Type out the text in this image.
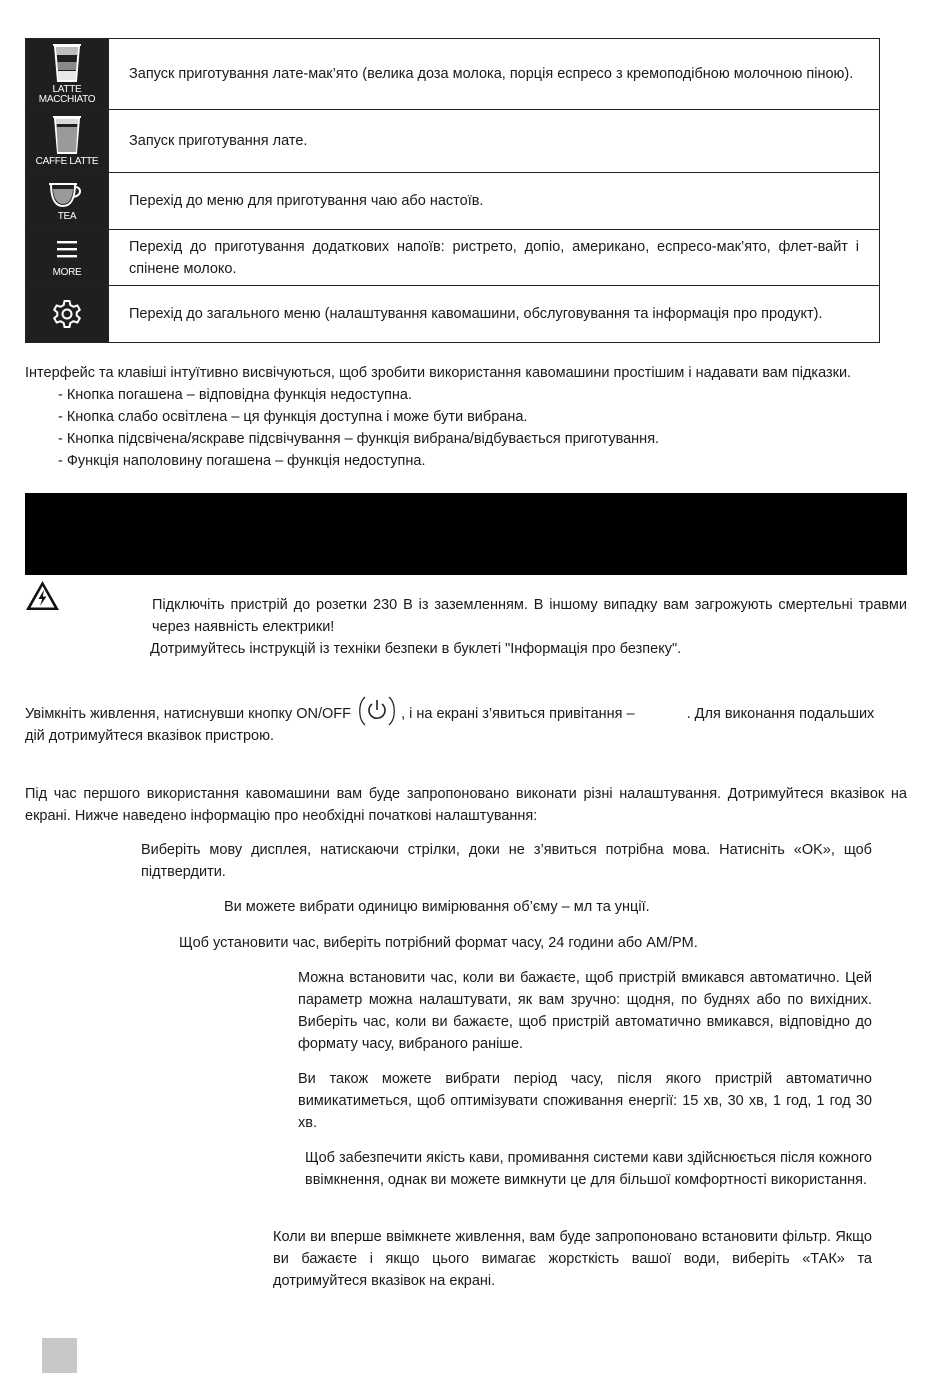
LATTE
MACCHIATO	Запуск приготування лате-мак’ято (велика доза молока, порція еспресо з кремоподібною молочною піною).

CAFFE LATTE	Запуск приготування лате.

TEA	Перехід до меню для приготування чаю або настоїв.

MORE	Перехід до приготування додаткових напоїв: ристрето, допіо, американо, еспресо-мак’ято, флет-вайт і спінене молоко.

	Перехід до загального меню (налаштування кавомашини, обслуговування та інформація про продукт).
Інтерфейс та клавіші інтуїтивно висвічуються, щоб зробити використання кавомашини простішим і надавати вам підказки.
- Кнопка погашена – відповідна функція недоступна.
- Кнопка слабо освітлена – ця функція доступна і може бути вибрана.
- Кнопка підсвічена/яскраве підсвічування – функція вибрана/відбувається приготування.
- Функція наполовину погашена – функція недоступна.
Підключіть пристрій до розетки 230 В із заземленням. В іншому випадку вам загрожують смертельні травми через наявність електрики!
Дотримуйтесь інструкцій із техніки безпеки в буклеті "Інформація про безпеку".
Увімкніть живлення, натиснувши кнопку ON/OFF	, і на екрані з’явиться привітання –	. Для виконання подальших
дій дотримуйтеся вказівок пристрою.
Під час першого використання кавомашини вам буде запропоновано виконати різні налаштування. Дотримуйтеся вказівок на екрані. Нижче наведено інформацію про необхідні початкові налаштування:
Виберіть мову дисплея, натискаючи стрілки, доки не з’явиться потрібна мова. Натисніть «OK», щоб підтвердити.
Ви можете вибрати одиницю вимірювання об’єму – мл та унції.
Щоб установити час, виберіть потрібний формат часу, 24 години або AM/PM.
Можна встановити час, коли ви бажаєте, щоб пристрій вмикався автоматично. Цей параметр можна налаштувати, як вам зручно: щодня, по буднях або по вихідних. Виберіть час, коли ви бажаєте, щоб пристрій автоматично вмикався, відповідно до формату часу, вибраного раніше.
Ви також можете вибрати період часу, після якого пристрій автоматично вимикатиметься, щоб оптимізувати споживання енергії: 15 хв, 30 хв, 1 год, 1 год 30 хв.
Щоб забезпечити якість кави, промивання системи кави здійснюється після кожного ввімкнення, однак ви можете вимкнути це для більшої комфортності використання.
Коли ви вперше ввімкнете живлення, вам буде запропоновано встановити фільтр. Якщо ви бажаєте і якщо цього вимагає жорсткість вашої води, виберіть «ТАК» та дотримуйтеся вказівок на екрані.
